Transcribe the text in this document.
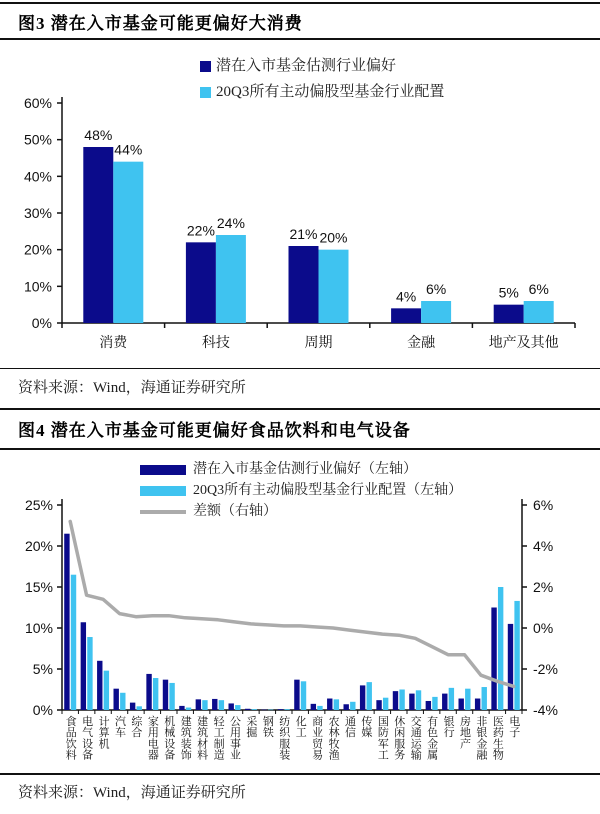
图3 潜在入市基金可能更偏好大消费
0%
10%
20%
30%
40%
50%
60%
48%
44%
消费
22% 24%
科技
21% 20%
周期
4% 6%
金融
5% 6%
地产及其他
潜在入市基金估测行业偏好
20Q3所有主动偏股型基金行业配置
资料来源：Wind，海通证券研究所
图4 潜在入市基金可能更偏好食品饮料和电气设备
0%
5%
10%
15%
20%
25%
-4%
-2%
0%
2%
4%
6%
食品饮料
电气设备
计算机
汽车
综合
家用电器
机械设备
建筑装饰
建筑材料
轻工制造
公用事业
采掘
钢铁
纺织服装
化工
商业贸易
农林牧渔
通信
传媒
国防军工
休闲服务
交通运输
有色金属
银行
房地产
非银金融
医药生物
电子
潜在入市基金估测行业偏好（左轴）
20Q3所有主动偏股型基金行业配置（左轴）
差额（右轴）
资料来源：Wind，海通证券研究所
